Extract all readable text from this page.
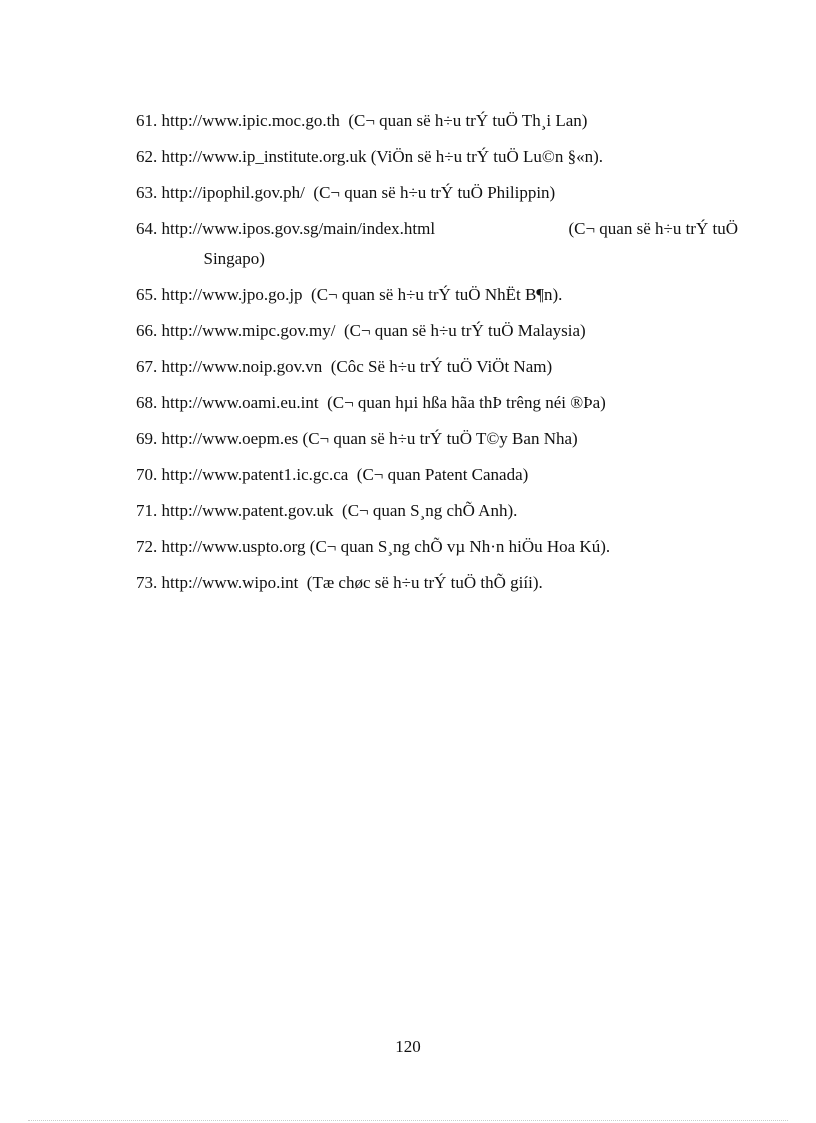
61.
http://www.ipic.moc.go.th (C¬ quan së h÷u trÝ tuÖ Th¸i Lan)
62.
http://www.ip_institute.org.uk (ViÖn së h÷u trÝ tuÖ Lu©n §«n).
63.
http://ipophil.gov.ph/ (C¬ quan së h÷u trÝ tuÖ Philippin)
64.
http://www.ipos.gov.sg/main/index.html	(C¬ quan së h÷u trÝ tuÖ
Singapo)
65.
http://www.jpo.go.jp (C¬ quan së h÷u trÝ tuÖ NhËt B¶n).
66.
http://www.mipc.gov.my/ (C¬ quan së h÷u trÝ tuÖ Malaysia)
67.
http://www.noip.gov.vn (Côc Së h÷u trÝ tuÖ ViÖt Nam)
68.
http://www.oami.eu.int (C¬ quan hµi hßa hãa thÞ trêng néi ®Þa)
69.
http://www.oepm.es (C¬ quan së h÷u trÝ tuÖ T©y Ban Nha)
70.
http://www.patent1.ic.gc.ca (C¬ quan Patent Canada)
71.
http://www.patent.gov.uk (C¬ quan S¸ng chÕ Anh).
72.
http://www.uspto.org (C¬ quan S¸ng chÕ vµ Nh·n hiÖu Hoa Kú).
73.
http://www.wipo.int (Tæ chøc së h÷u trÝ tuÖ thÕ giíi).
120
